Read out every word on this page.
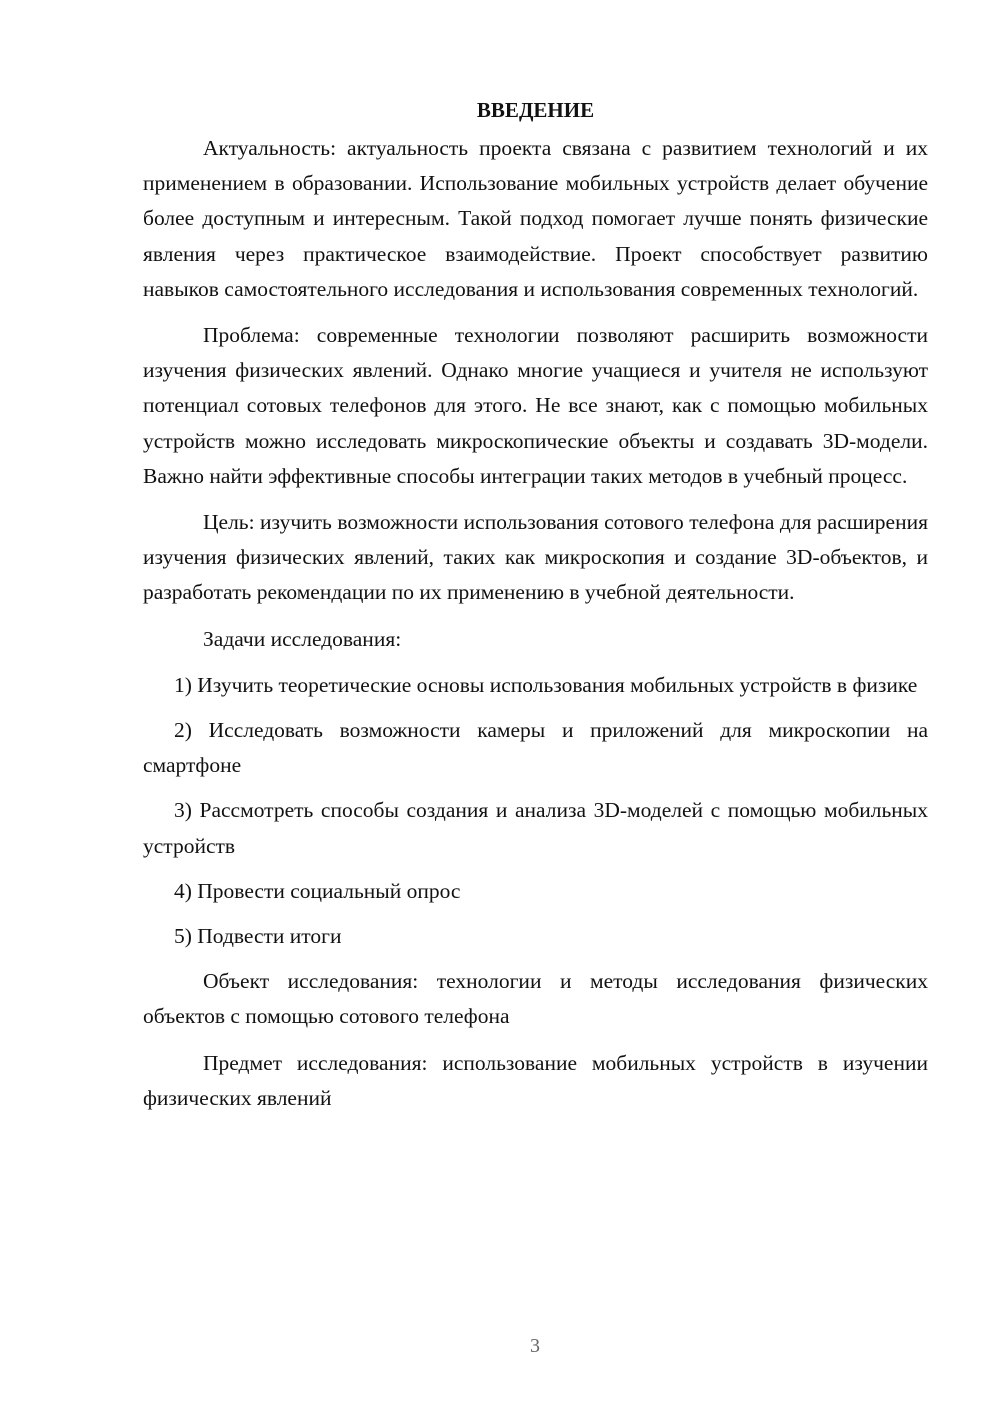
ВВЕДЕНИЕ

Актуальность: актуальность проекта связана с развитием технологий и их применением в образовании. Использование мобильных устройств делает обучение более доступным и интересным. Такой подход помогает лучше понять физические явления через практическое взаимодействие. Проект способствует развитию навыков самостоятельного исследования и использования современных технологий.

Проблема: современные технологии позволяют расширить возможности изучения физических явлений. Однако многие учащиеся и учителя не используют потенциал сотовых телефонов для этого. Не все знают, как с помощью мобильных устройств можно исследовать микроскопические объекты и создавать 3D-модели. Важно найти эффективные способы интеграции таких методов в учебный процесс.

Цель: изучить возможности использования сотового телефона для расширения изучения физических явлений, таких как микроскопия и создание 3D-объектов, и разработать рекомендации по их применению в учебной деятельности.

Задачи исследования:

1) Изучить теоретические основы использования мобильных устройств в физике

2) Исследовать возможности камеры и приложений для микроскопии на смартфоне

3) Рассмотреть способы создания и анализа 3D-моделей с помощью мобильных устройств

4) Провести социальный опрос

5) Подвести итоги

Объект исследования: технологии и методы исследования физических объектов с помощью сотового телефона

Предмет исследования: использование мобильных устройств в изучении физических явлений

3
